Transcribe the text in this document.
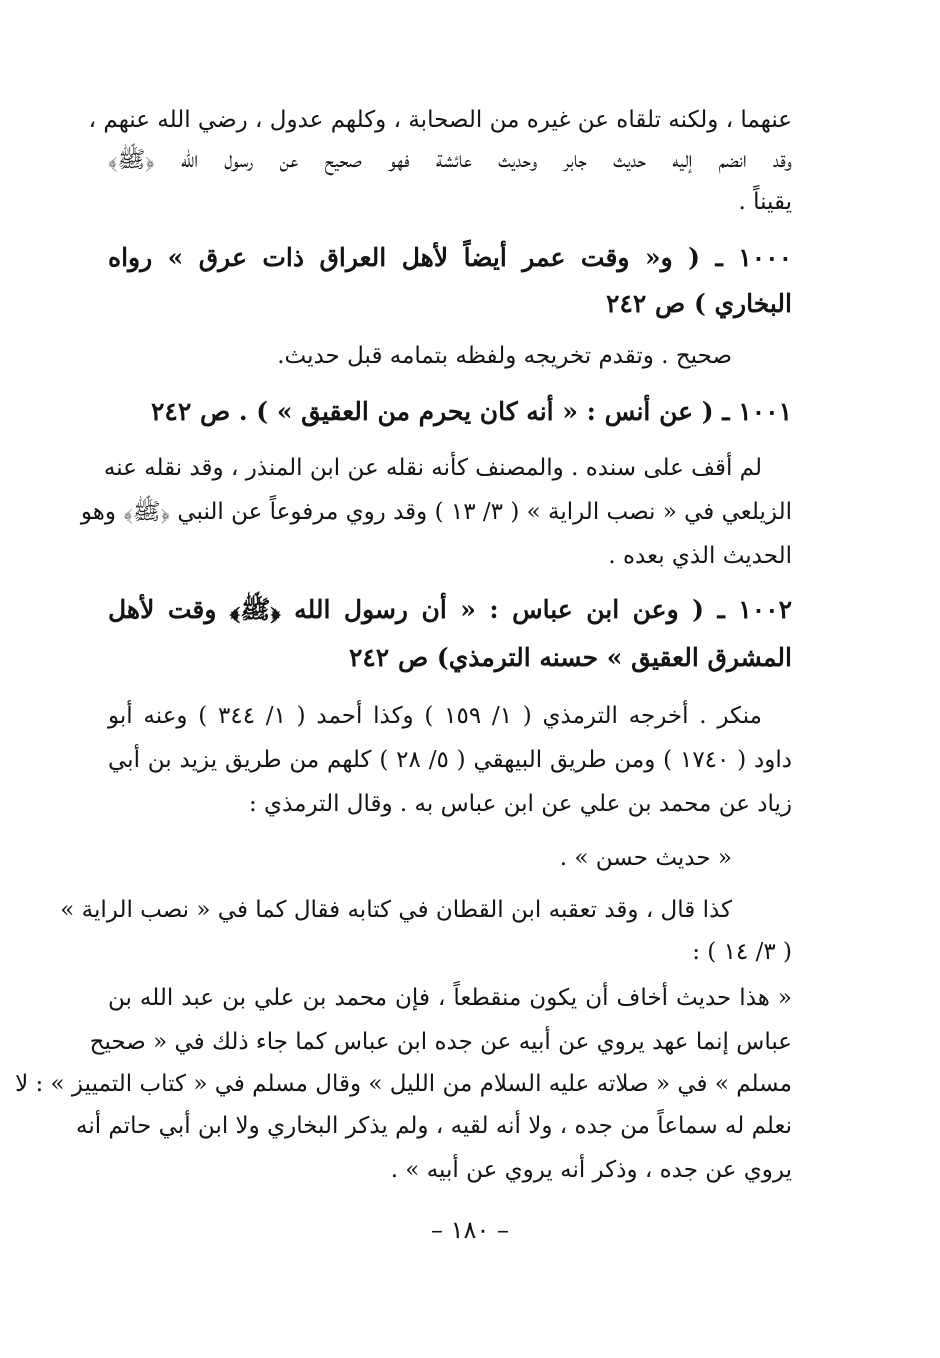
عنهما ، ولكنه تلقاه عن غيره من الصحابة ، وكلهم عدول ، رضي الله عنهم ،
وقد انضم إليه حديث جابر وحديث عائشة فهو صحيح عن رسول الله ﴿ﷺ﴾
يقيناً .
١٠٠٠ ـ ( و« وقت عمر أيضاً لأهل العراق ذات عرق » رواه
البخاري ) ص ٢٤٢
صحيح . وتقدم تخريجه ولفظه بتمامه قبل حديث.
١٠٠١ ـ ( عن أنس : « أنه كان يحرم من العقيق » ) . ص ٢٤٢
لم أقف على سنده . والمصنف كأنه نقله عن ابن المنذر ، وقد نقله عنه
الزيلعي في « نصب الراية » ( ٣/ ١٣ ) وقد روي مرفوعاً عن النبي ﴿ﷺ﴾ وهو
الحديث الذي بعده .
١٠٠٢ ـ ( وعن ابن عباس : « أن رسول الله ﴿ﷺ﴾ وقت لأهل
المشرق العقيق » حسنه الترمذي) ص ٢٤٢
منكر . أخرجه الترمذي ( ١/ ١٥٩ ) وكذا أحمد ( ١/ ٣٤٤ ) وعنه أبو
داود ( ١٧٤٠ ) ومن طريق البيهقي ( ٥/ ٢٨ ) كلهم من طريق يزيد بن أبي
زياد عن محمد بن علي عن ابن عباس به . وقال الترمذي :
« حديث حسن » .
كذا قال ، وقد تعقبه ابن القطان في كتابه فقال كما في « نصب الراية »
( ٣/ ١٤ ) :
« هذا حديث أخاف أن يكون منقطعاً ، فإن محمد بن علي بن عبد الله بن
عباس إنما عهد يروي عن أبيه عن جده ابن عباس كما جاء ذلك في « صحيح
مسلم » في « صلاته عليه السلام من الليل » وقال مسلم في « كتاب التمييز » : لا
نعلم له سماعاً من جده ، ولا أنه لقيه ، ولم يذكر البخاري ولا ابن أبي حاتم أنه
يروي عن جده ، وذكر أنه يروي عن أبيه » .
– ١٨٠ –
